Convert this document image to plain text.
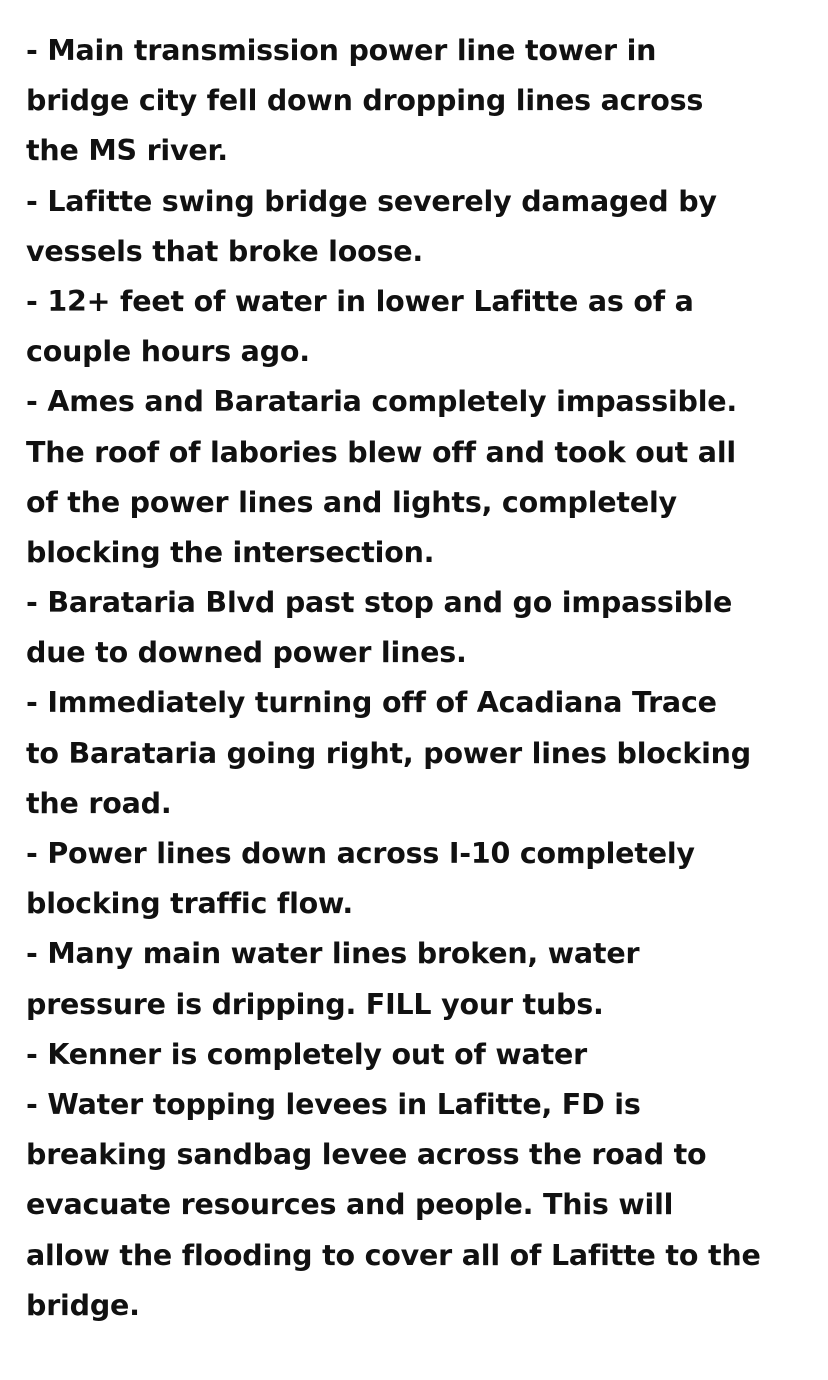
- Main transmission power line tower in
bridge city fell down dropping lines across
the MS river.
- Lafitte swing bridge severely damaged by
vessels that broke loose.
- 12+ feet of water in lower Lafitte as of a
couple hours ago.
- Ames and Barataria completely impassible.
The roof of labories blew off and took out all
of the power lines and lights, completely
blocking the intersection.
- Barataria Blvd past stop and go impassible
due to downed power lines.
- Immediately turning off of Acadiana Trace
to Barataria going right, power lines blocking
the road.
- Power lines down across I-10 completely
blocking traffic flow.
- Many main water lines broken, water
pressure is dripping. FILL your tubs.
- Kenner is completely out of water
- Water topping levees in Lafitte, FD is
breaking sandbag levee across the road to
evacuate resources and people. This will
allow the flooding to cover all of Lafitte to the
bridge.
